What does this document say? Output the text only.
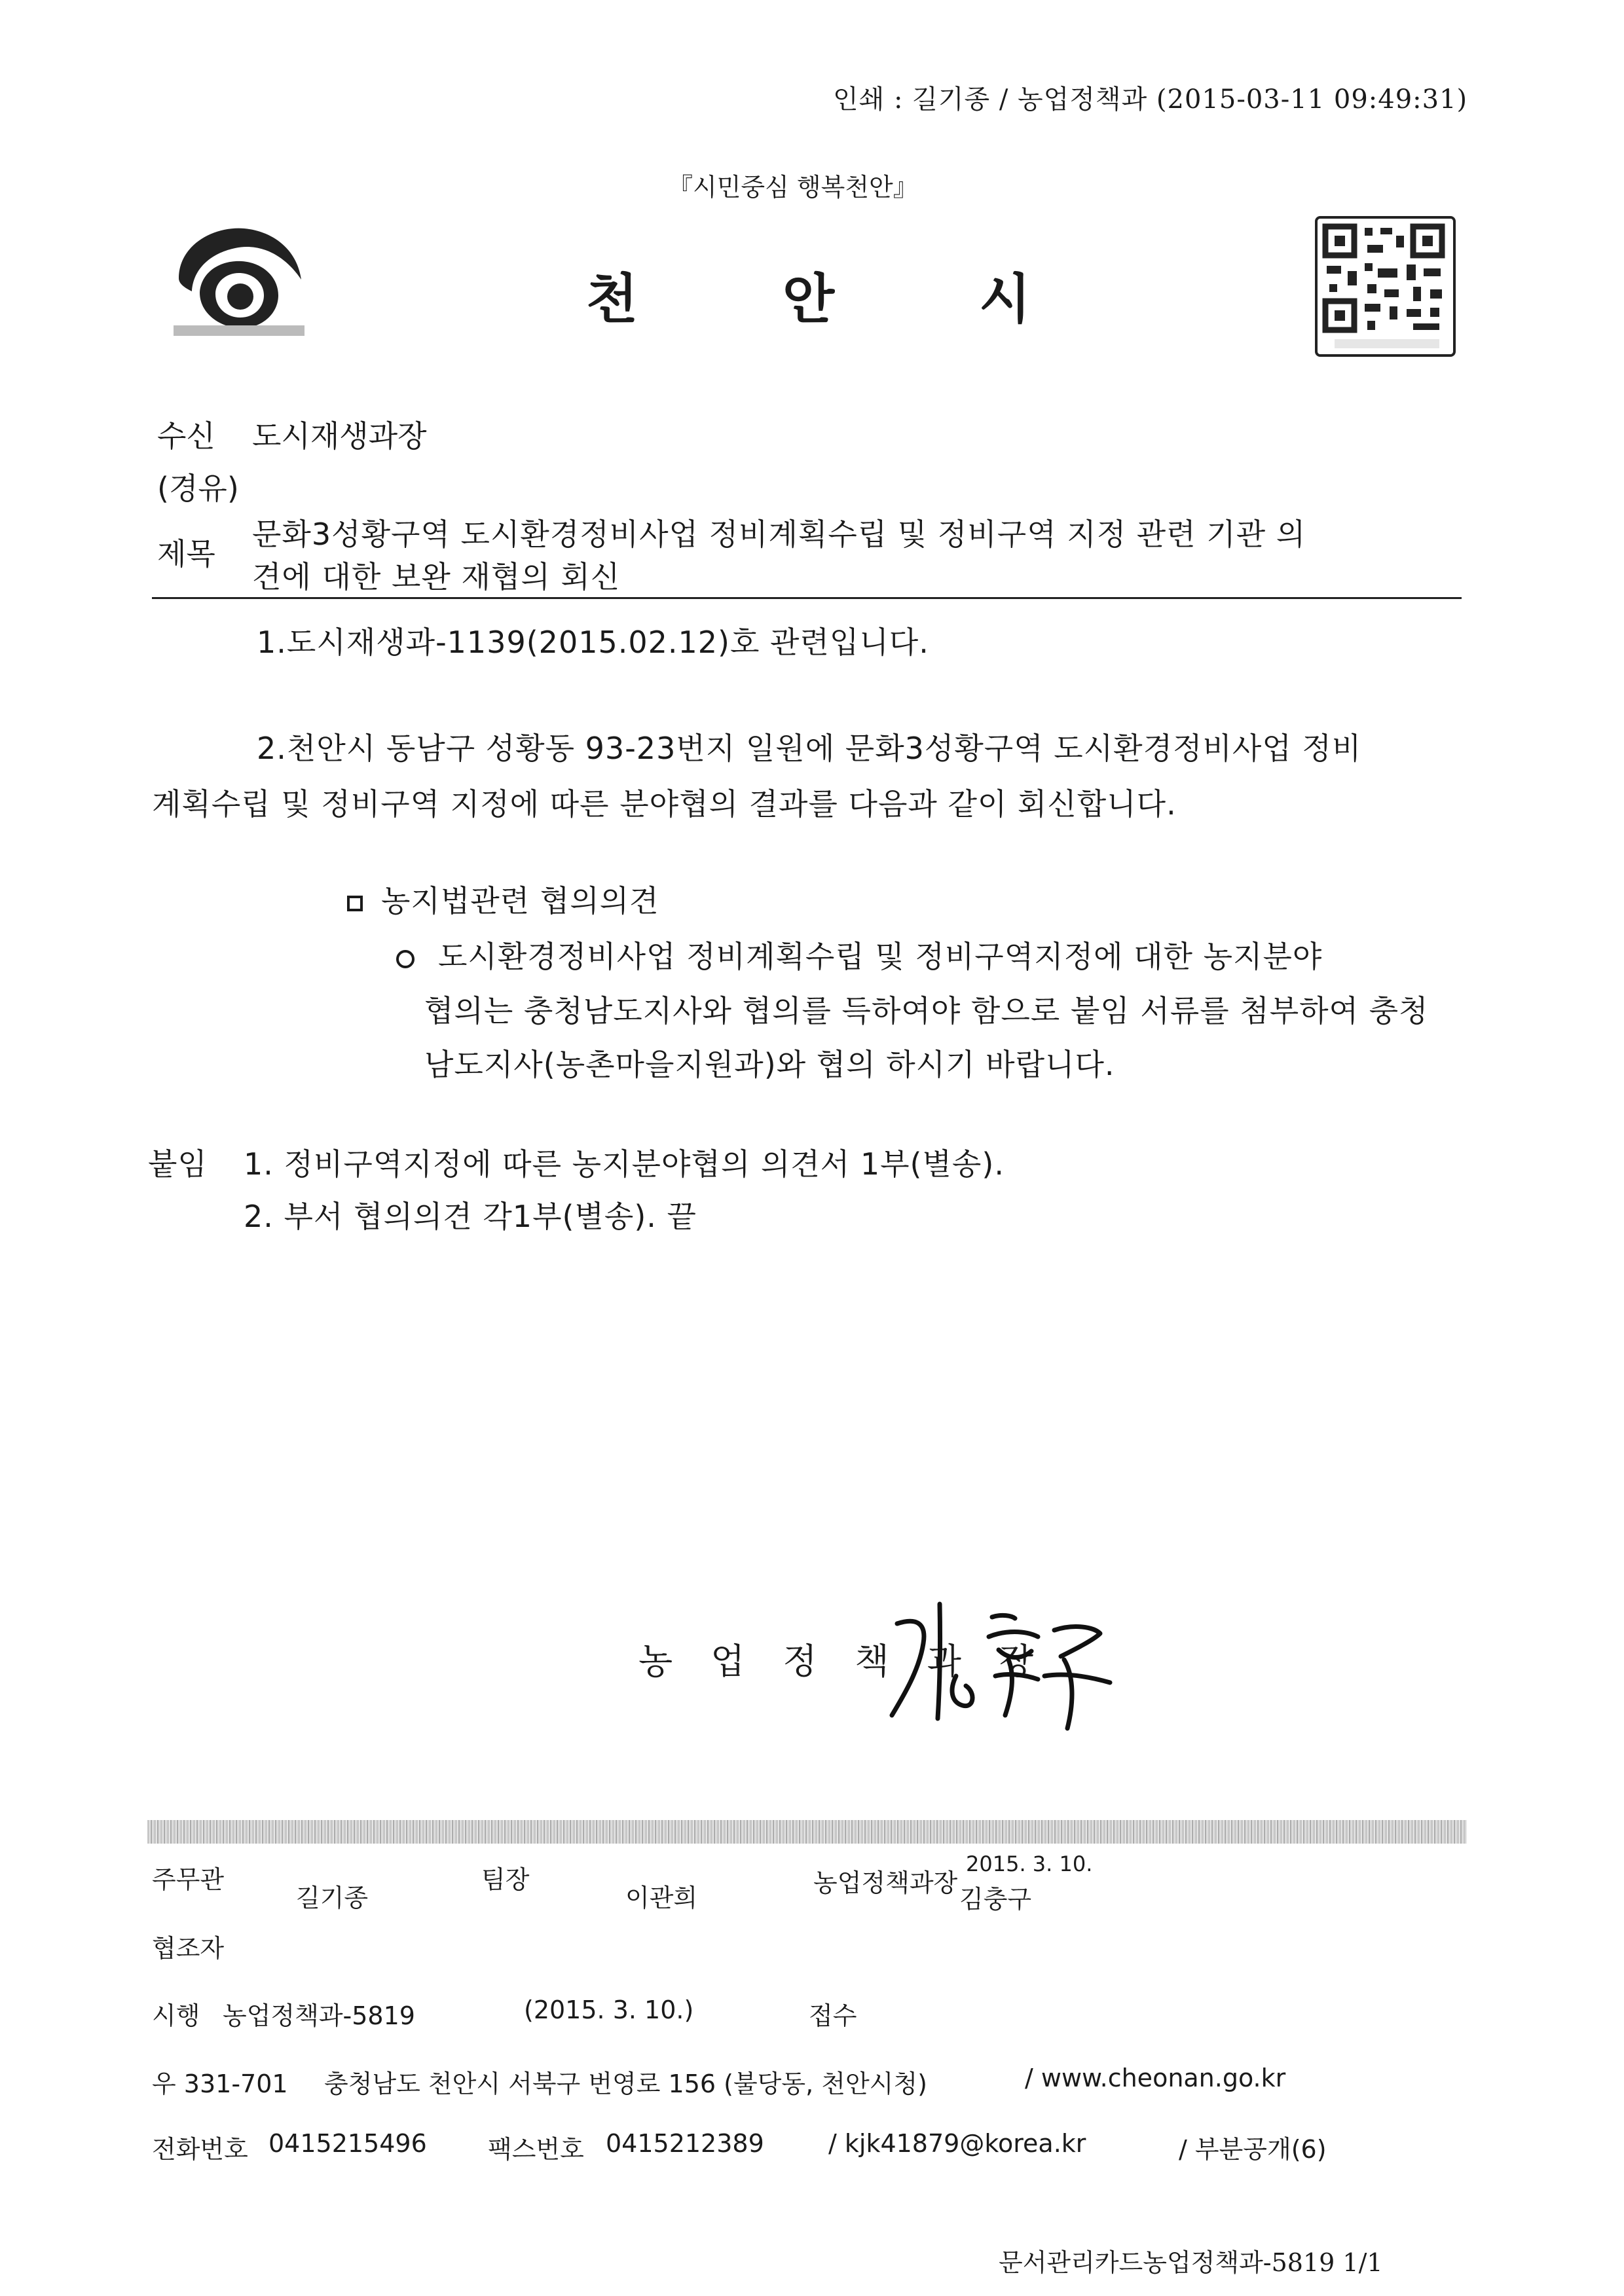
인쇄 : 길기종 / 농업정책과 (2015-03-11 09:49:31)
『시민중심 행복천안』
천	안	시
수신 도시재생과장
(경유)
제목
문화3성황구역 도시환경정비사업 정비계획수립 및 정비구역 지정 관련 기관 의
견에 대한 보완 재협의 회신
1.도시재생과-1139(2015.02.12)호 관련입니다.
2.천안시 동남구 성황동 93-23번지 일원에 문화3성황구역 도시환경정비사업 정비
계획수립 및 정비구역 지정에 따른 분야협의 결과를 다음과 같이 회신합니다.
농지법관련 협의의견
도시환경정비사업 정비계획수립 및 정비구역지정에 대한 농지분야
협의는 충청남도지사와 협의를 득하여야 함으로 붙임 서류를 첨부하여 충청
남도지사(농촌마을지원과)와 협의 하시기 바랍니다.
붙임 1. 정비구역지정에 따른 농지분야협의 의견서 1부(별송).
2. 부서 협의의견 각1부(별송). 끝
농 업 정 책 과 장
주무관
길기종
팀장
이관희
농업정책과장
2015. 3. 10.
김충구
협조자
시행 농업정책과-5819	(2015. 3. 10.)	접수
우 331-701 충청남도 천안시 서북구 번영로 156 (불당동, 천안시청)	/ www.cheonan.go.kr
전화번호 0415215496 팩스번호 0415212389	/ kjk41879@korea.kr	/ 부분공개(6)
문서관리카드농업정책과-5819 1/1
